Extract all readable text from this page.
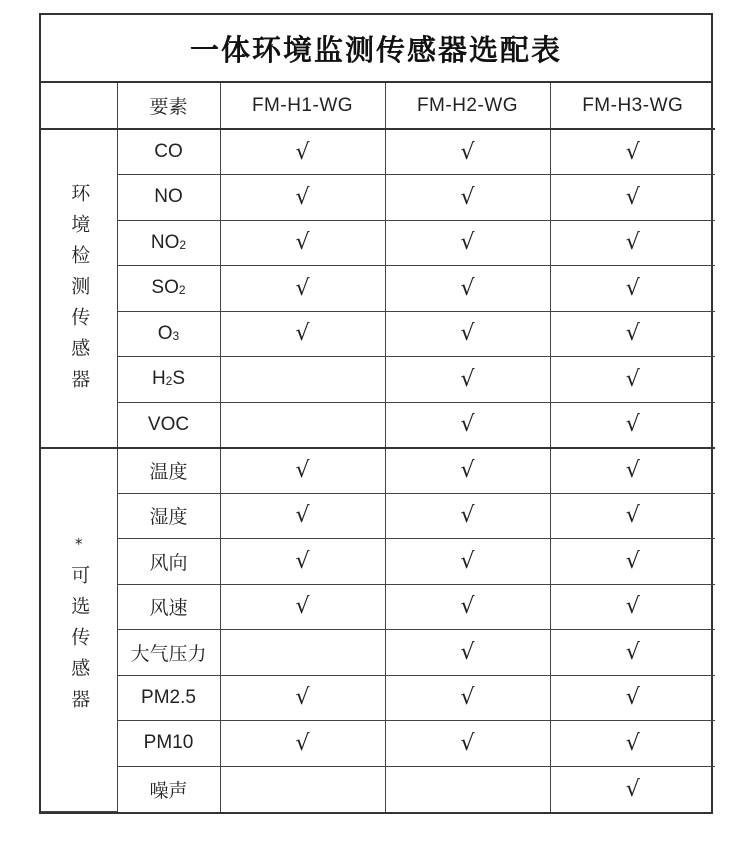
一体环境监测传感器选配表
	要素	FM-H1-WG	FM-H2-WG	FM-H3-WG

环境检测传感器	CO	√	√	√
	NO	√	√	√
	NO2	√	√	√
	SO2	√	√	√
	O3	√	√	√
	H2S		√	√
	VOC		√	√

*
可选传感器	温度	√	√	√
	湿度	√	√	√
	风向	√	√	√
	风速	√	√	√
	大气压力		√	√
	PM2.5	√	√	√
	PM10	√	√	√
	噪声			√
